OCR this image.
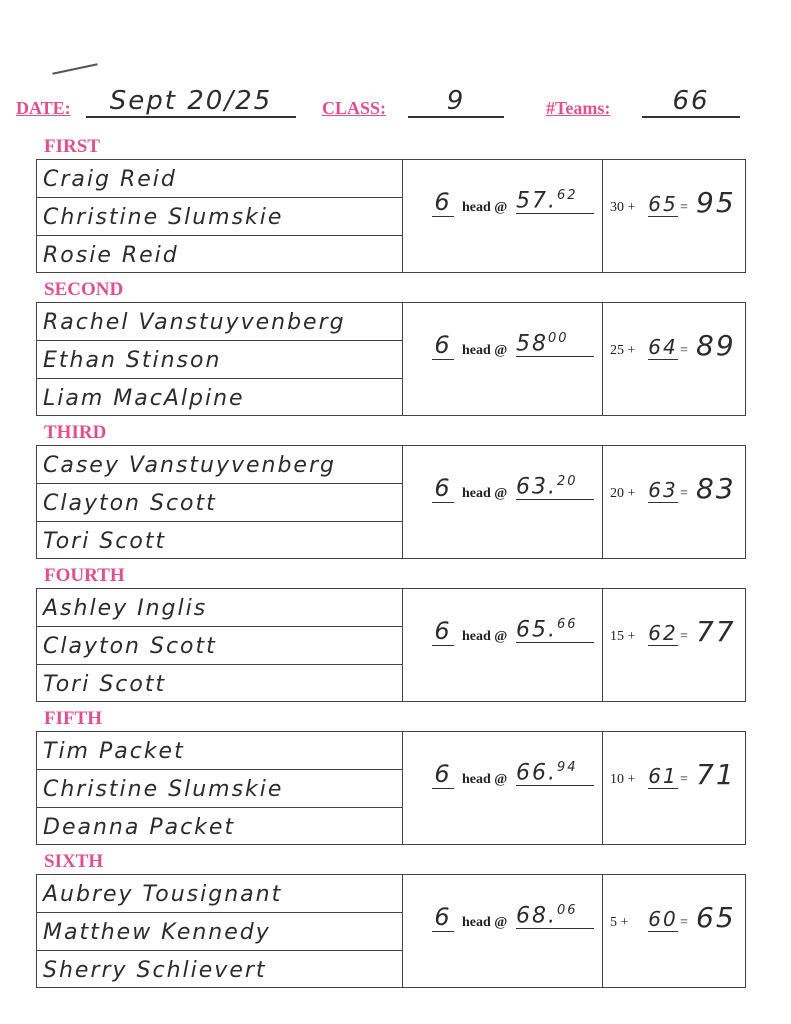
DATE:	Sept 20/25	CLASS:	9	#Teams:	66
FIRST
Craig Reid
Christine Slumskie
Rosie Reid
6 head @ 57.62
30 + 65 = 95
SECOND
Rachel Vanstuyvenberg
Ethan Stinson
Liam MacAlpine
6 head @ $58^{00}$
25 + 64 = 89
THIRD
Casey Vanstuyvenberg
Clayton Scott
Tori Scott
6 head @ 63.20
20 + 63 = 83
FOURTH
Ashley Inglis
Clayton Scott
Tori Scott
6 head @ 65.66
15 + 62 = 77
FIFTH
Tim Packet
Christine Slumskie
Deanna Packet
6 head @ 66.94
10 + 61 = 71
SIXTH
Aubrey Tousignant
Matthew Kennedy
Sherry Schlievert
6 head @ 68.06
5 + 60 = 65
